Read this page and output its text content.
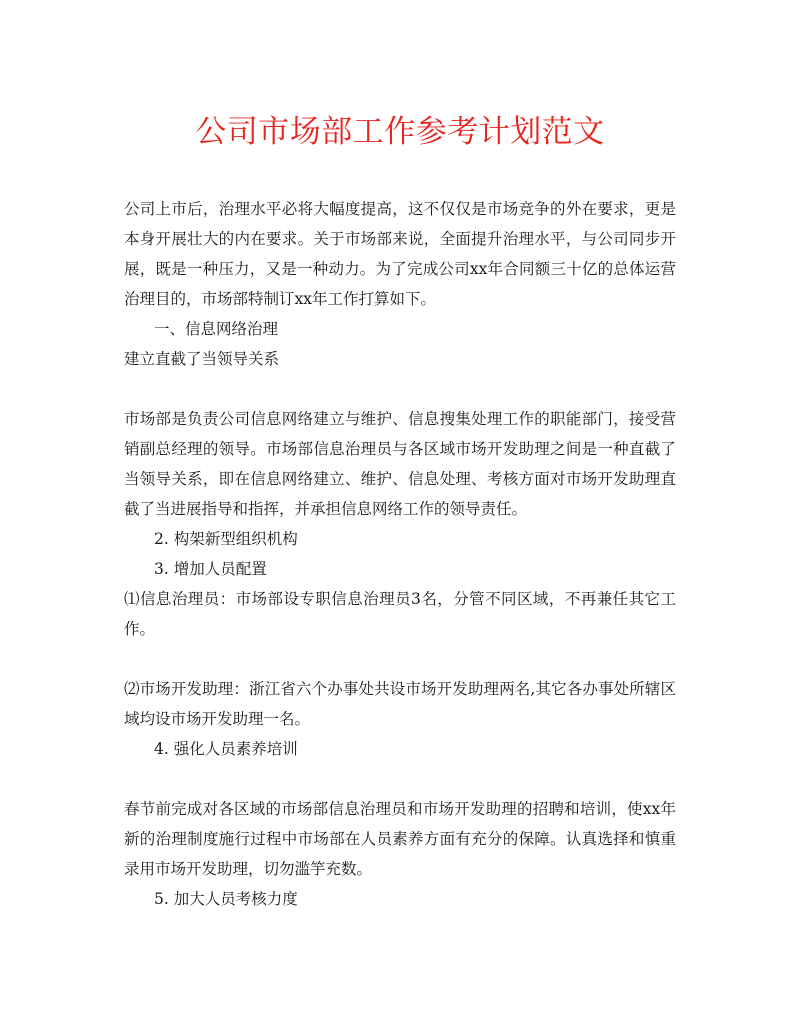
公司市场部工作参考计划范文
公司上市后，治理水平必将大幅度提高，这不仅仅是市场竞争的外在要求，更是本身开展壮大的内在要求。关于市场部来说，全面提升治理水平，与公司同步开展，既是一种压力，又是一种动力。为了完成公司xx年合同额三十亿的总体运营治理目的，市场部特制订xx年工作打算如下。
一、信息网络治理
建立直截了当领导关系
市场部是负责公司信息网络建立与维护、信息搜集处理工作的职能部门，接受营销副总经理的领导。市场部信息治理员与各区域市场开发助理之间是一种直截了当领导关系，即在信息网络建立、维护、信息处理、考核方面对市场开发助理直截了当进展指导和指挥，并承担信息网络工作的领导责任。
2. 构架新型组织机构
3. 增加人员配置
⑴信息治理员：市场部设专职信息治理员3名，分管不同区域，不再兼任其它工作。
⑵市场开发助理：浙江省六个办事处共设市场开发助理两名,其它各办事处所辖区域均设市场开发助理一名。
4. 强化人员素养培训
春节前完成对各区域的市场部信息治理员和市场开发助理的招聘和培训，使xx年新的治理制度施行过程中市场部在人员素养方面有充分的保障。认真选择和慎重录用市场开发助理，切勿滥竽充数。
5. 加大人员考核力度
